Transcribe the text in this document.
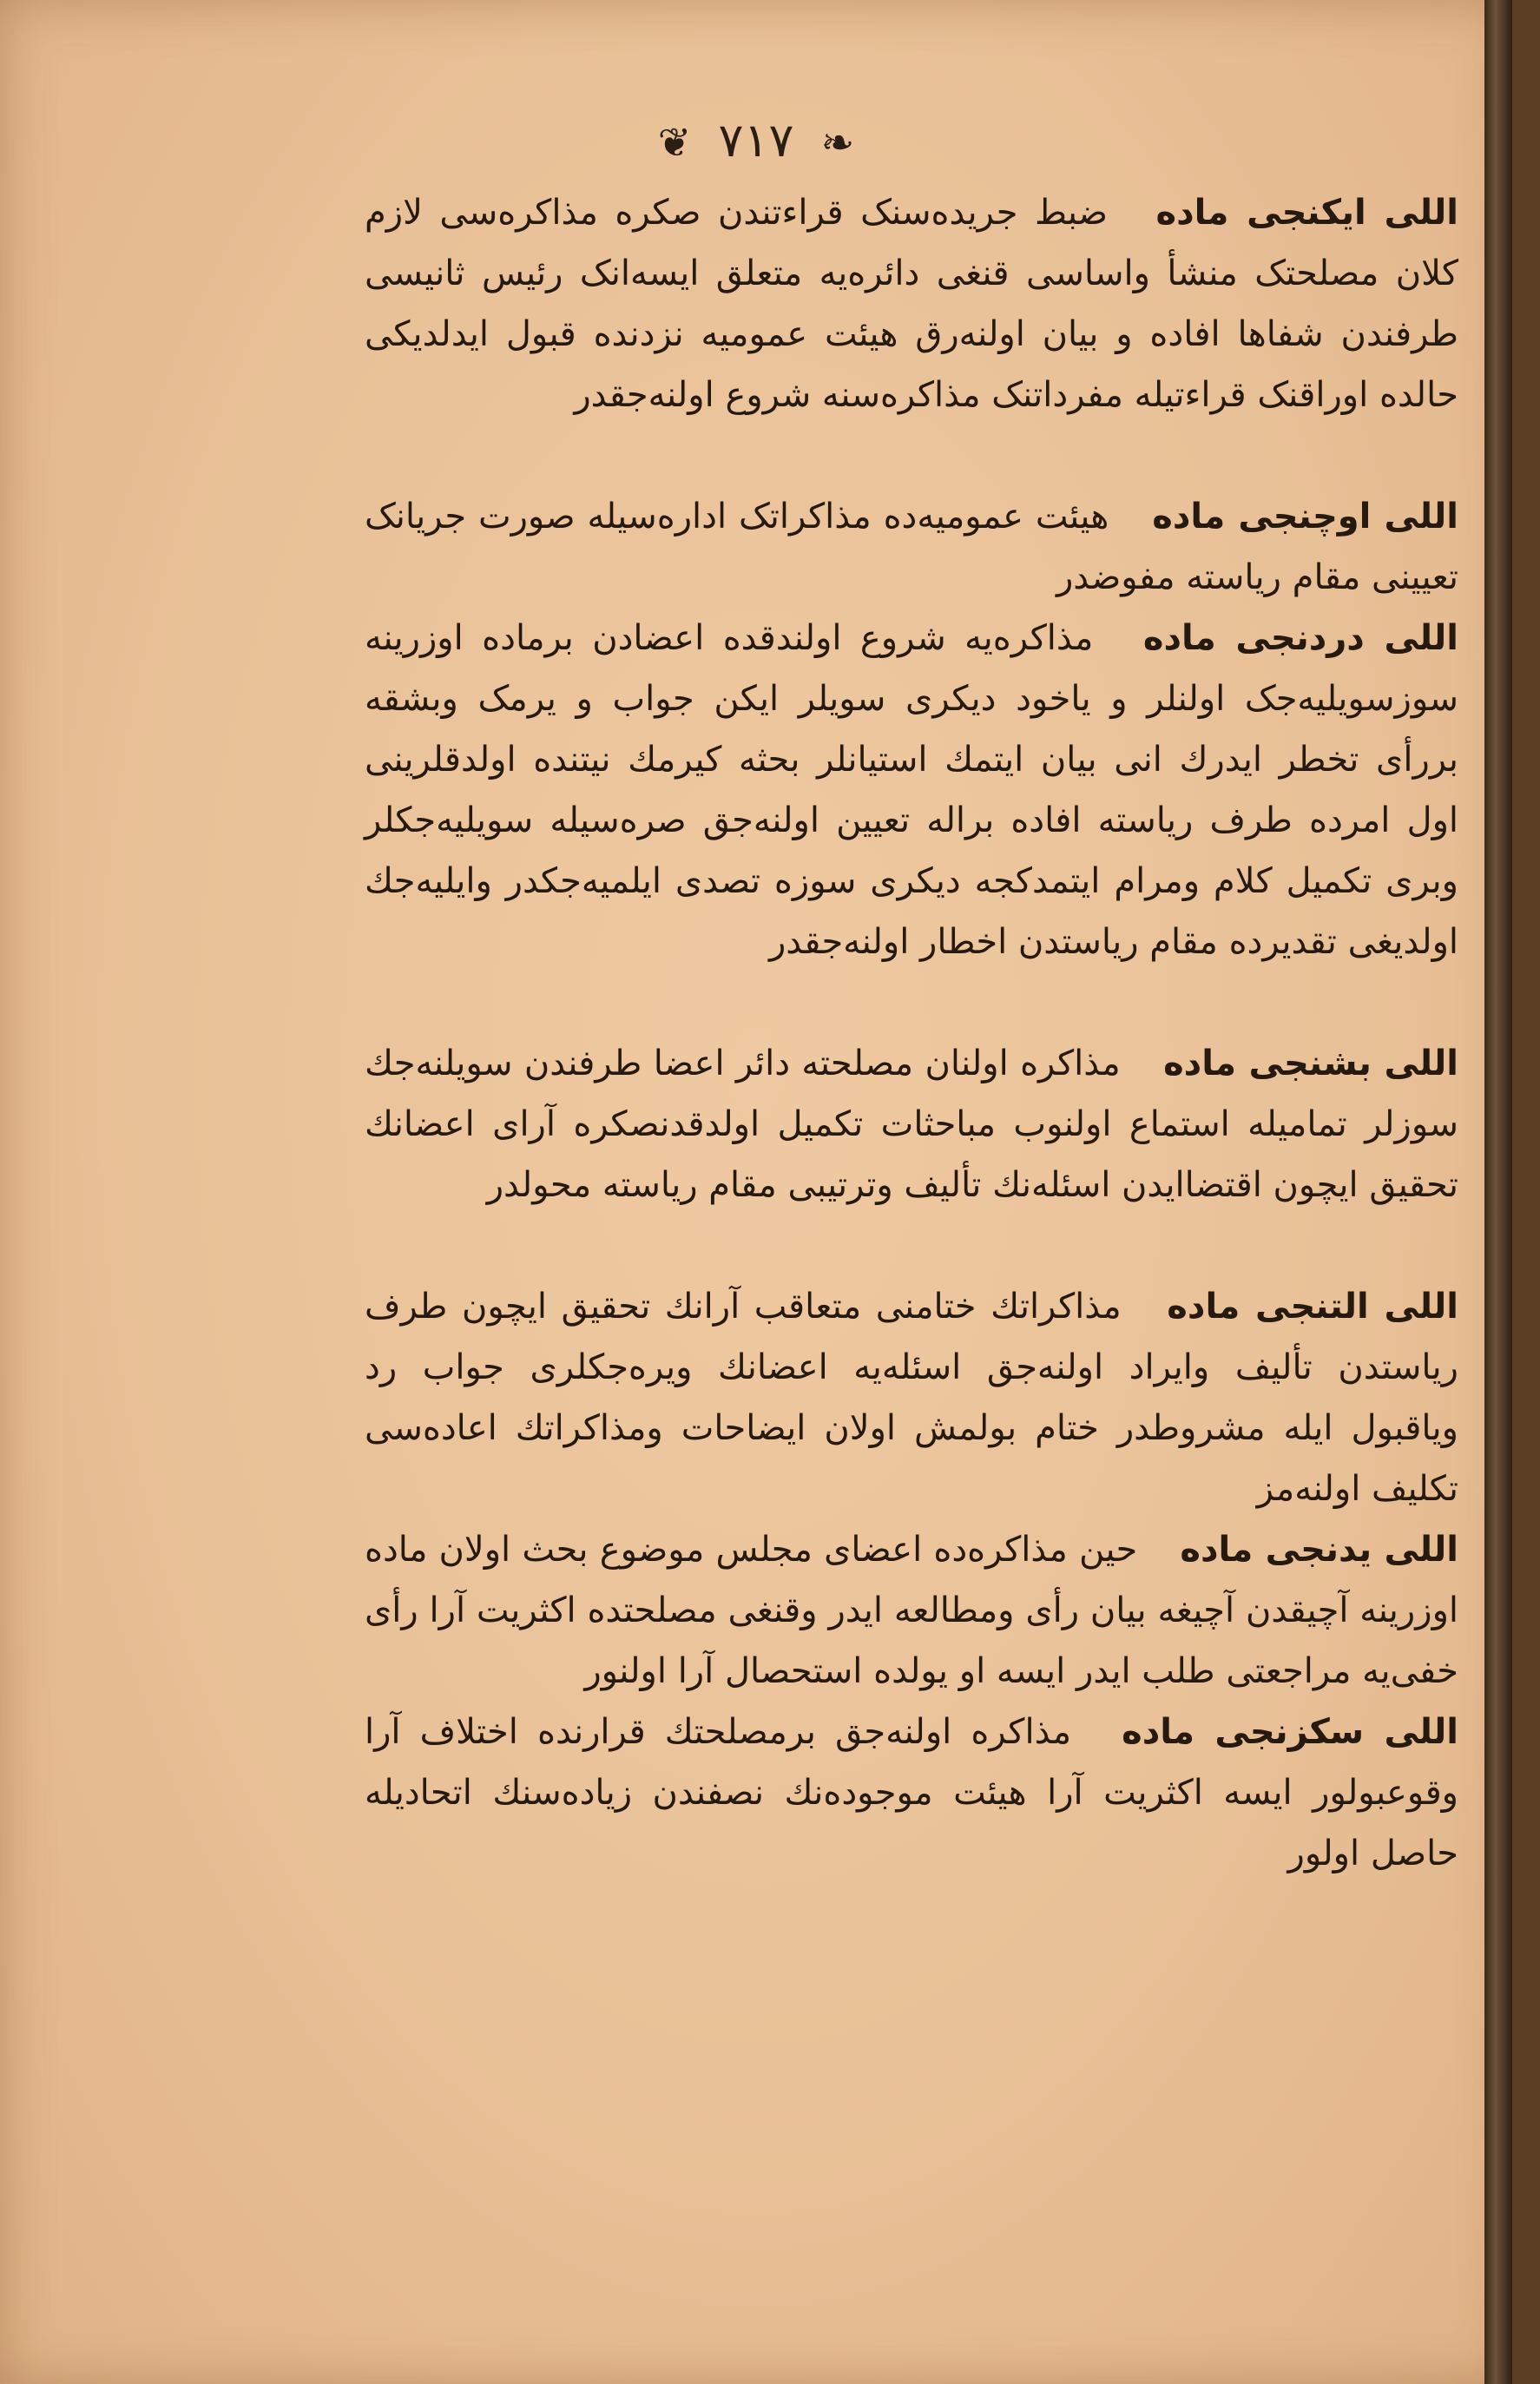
❦ ٧١٧ ❧

اللی ایکنجی ماده ضبط جریده‌سنک قراءتندن صکره مذاکره‌سی لازم کلان مصلحتک منشأ واساسی قنغی دائره‌یه متعلق ایسه‌انک رئیس ثانیسی طرفندن شفاها افاده و بیان اولنه‌رق هیئت عمومیه نزدنده قبول ایدلدیکی حالده اوراقنک قراءتیله مفرداتنک مذاکره‌سنه شروع اولنه‌جقدر

اللی اوچنجی ماده هیئت عمومیه‌ده مذاکراتک اداره‌سیله صورت جریانک تعیینی مقام ریاسته مفوضدر

اللی دردنجی ماده مذاکره‌یه شروع اولندقده اعضادن برماده اوزرینه سوزسویلیه‌جک اولنلر و یاخود دیکری سویلر ایکن جواب و یرمک وبشقه بررأی تخطر ایدرك انی بیان ایتمك استیانلر بحثه کیرمك نیتنده اولدقلرینی اول امرده طرف ریاسته افاده براله تعیین اولنه‌جق صره‌سیله سویلیه‌جکلر وبری تکمیل کلام ومرام ایتمدکجه دیکری سوزه تصدی ایلمیه‌جکدر وایلیه‌جك اولدیغی تقدیرده مقام ریاستدن اخطار اولنه‌جقدر

اللی بشنجی ماده مذاکره اولنان مصلحته دائر اعضا طرفندن سویلنه‌جك سوزلر تمامیله استماع اولنوب مباحثات تکمیل اولدقدنصکره آرای اعضانك تحقیق ایچون اقتضاایدن اسئله‌نك تألیف وترتیبی مقام ریاسته محولدر

اللی التنجی ماده مذاکراتك ختامنی متعاقب آرانك تحقیق ایچون طرف ریاستدن تألیف وایراد اولنه‌جق اسئله‌یه اعضانك ویره‌جکلری جواب رد ویاقبول ایله مشروطدر ختام بولمش اولان ایضاحات ومذاکراتك اعاده‌سی تکلیف اولنه‌مز

اللی یدنجی ماده حین مذاکره‌ده اعضای مجلس موضوع بحث اولان ماده اوزرینه آچیقدن آچیغه بیان رأی ومطالعه ایدر وقنغی مصلحتده اکثریت آرا رأی خفی‌یه مراجعتی طلب ایدر ایسه او یولده استحصال آرا اولنور

اللی سکزنجی ماده مذاکره اولنه‌جق برمصلحتك قرارنده اختلاف آرا وقوعبولور ایسه اکثریت آرا هیئت موجوده‌نك نصفندن زیاده‌سنك اتحادیله حاصل اولور
